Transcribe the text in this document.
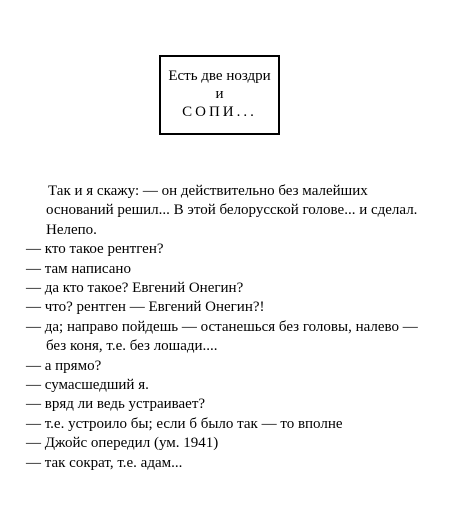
Есть две ноздри
и
СОПИ...
Так и я скажу: — он действительно без малейших
оснований решил... В этой белорусской голове... и сделал.
Нелепо.
— кто такое рентген?
— там написано
— да кто такое? Евгений Онегин?
— что? рентген — Евгений Онегин?!
— да; направо пойдешь — останешься без головы, налево —
без коня, т.е. без лошади....
— а прямо?
— сумасшедший я.
— вряд ли ведь устраивает?
— т.е. устроило бы; если б было так — то вполне
— Джойс опередил (ум. 1941)
— так сократ, т.е. адам...
